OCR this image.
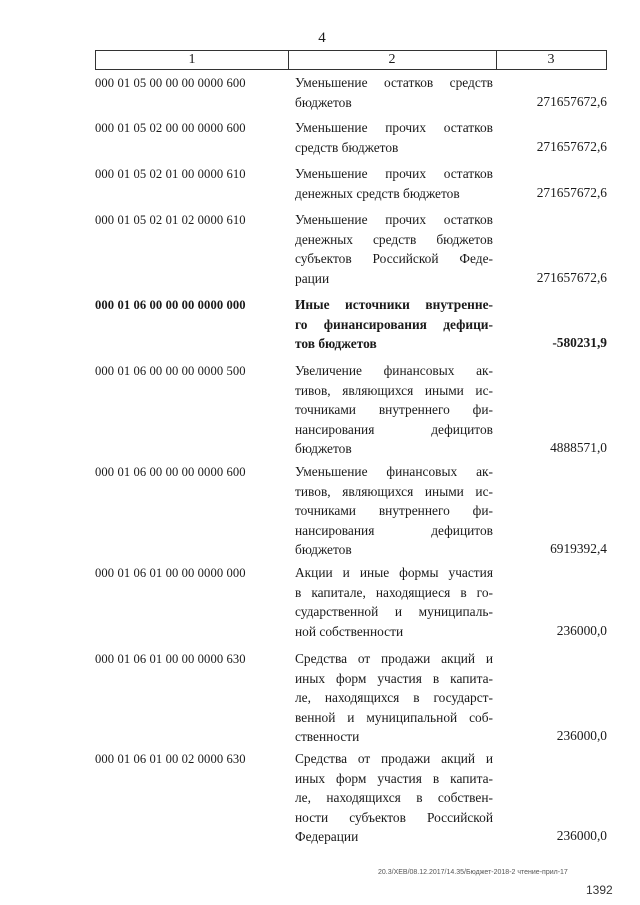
4
1	2	3
000 01 05 00 00 00 0000 600	Уменьшение остатков средств
бюджетов	271657672,6
000 01 05 02 00 00 0000 600	Уменьшение прочих остатков
средств бюджетов	271657672,6
000 01 05 02 01 00 0000 610	Уменьшение прочих остатков
денежных средств бюджетов	271657672,6
000 01 05 02 01 02 0000 610	Уменьшение прочих остатков
денежных средств бюджетов
субъектов Российской Феде-
рации	271657672,6
000 01 06 00 00 00 0000 000	Иные источники внутренне-
го финансирования дефици-
тов бюджетов	-580231,9
000 01 06 00 00 00 0000 500	Увеличение финансовых ак-
тивов, являющихся иными ис-
точниками внутреннего фи-
нансирования дефицитов
бюджетов	4888571,0
000 01 06 00 00 00 0000 600	Уменьшение финансовых ак-
тивов, являющихся иными ис-
точниками внутреннего фи-
нансирования дефицитов
бюджетов	6919392,4
000 01 06 01 00 00 0000 000	Акции и иные формы участия
в капитале, находящиеся в го-
сударственной и муниципаль-
ной собственности	236000,0
000 01 06 01 00 00 0000 630	Средства от продажи акций и
иных форм участия в капита-
ле, находящихся в государст-
венной и муниципальной соб-
ственности	236000,0
000 01 06 01 00 02 0000 630	Средства от продажи акций и
иных форм участия в капита-
ле, находящихся в собствен-
ности субъектов Российской
Федерации	236000,0
20.3/ХЕВ/08.12.2017/14.35/Бюджет-2018-2 чтение-прил-17
1392
